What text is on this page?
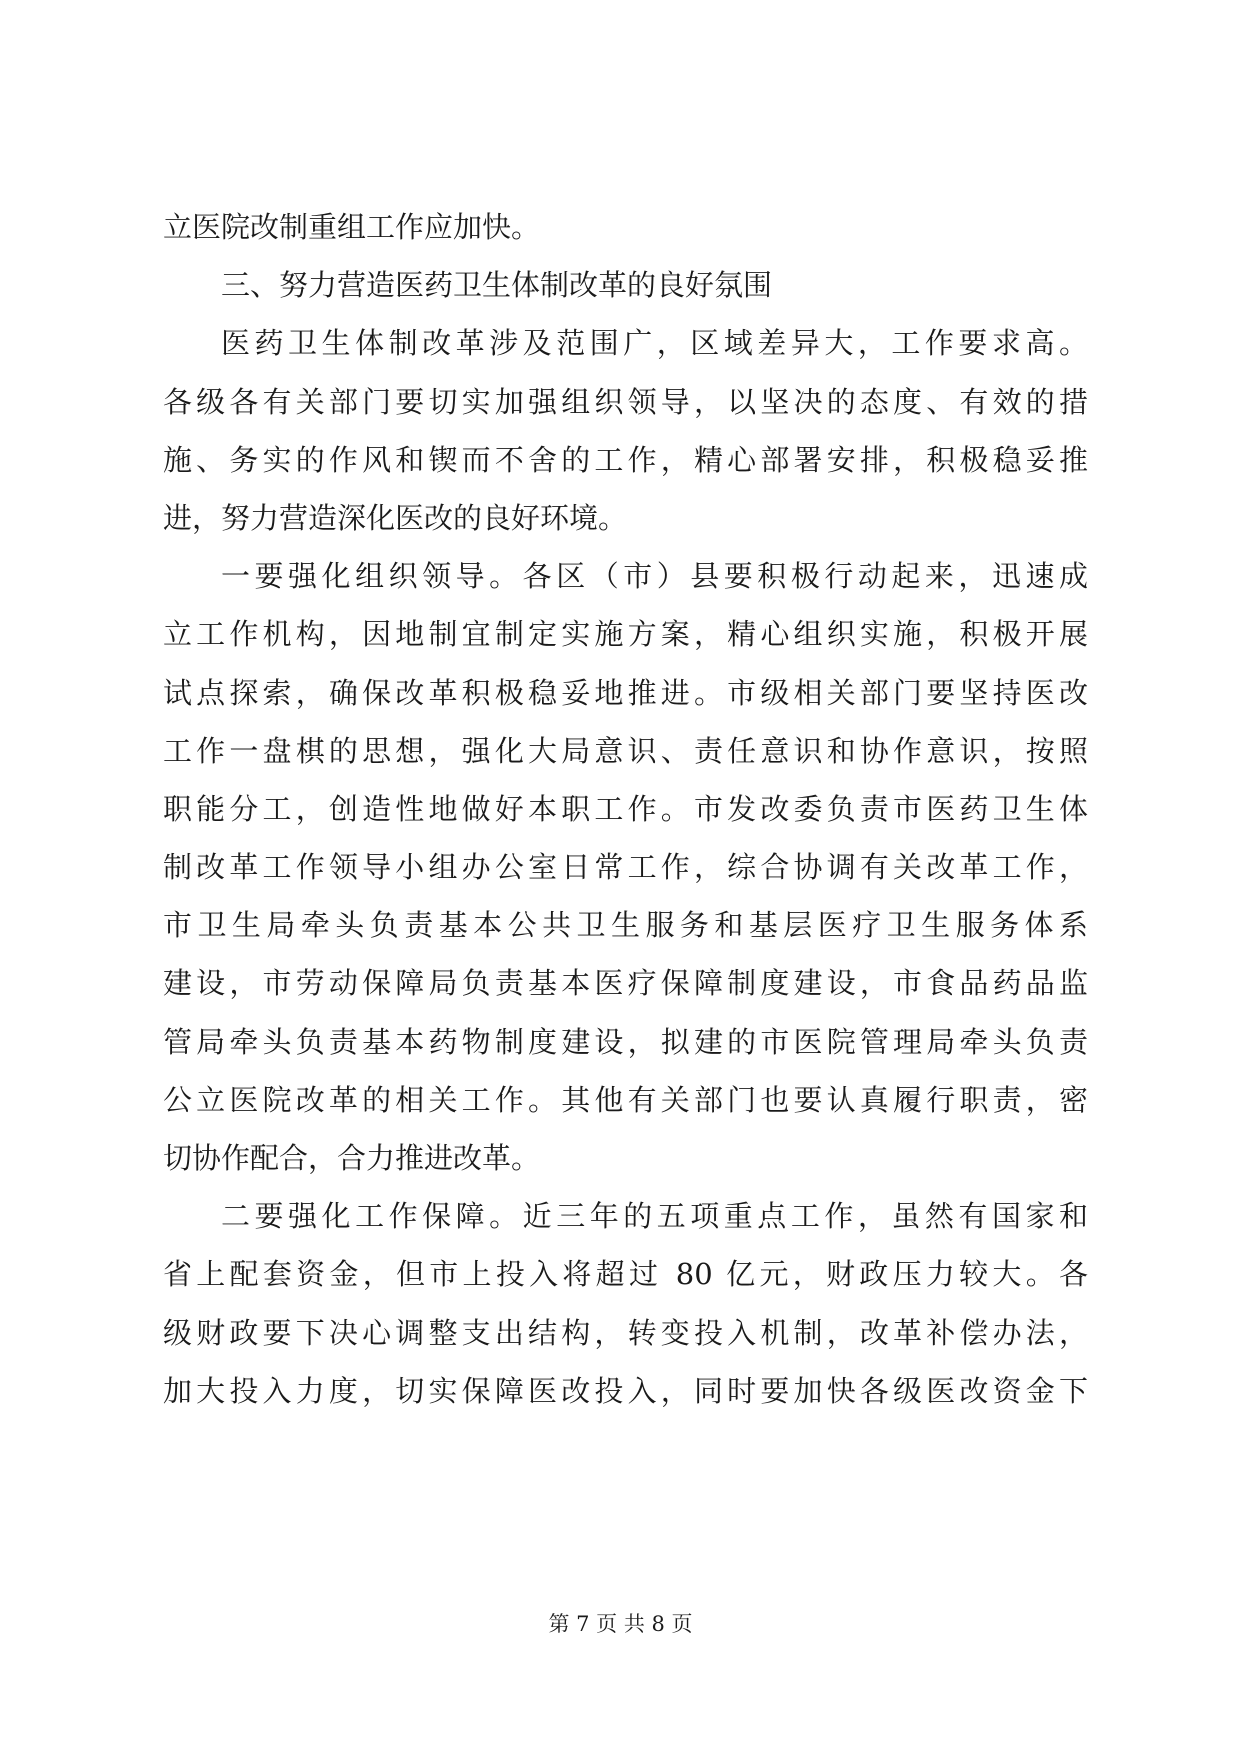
立医院改制重组工作应加快。
三、努力营造医药卫生体制改革的良好氛围
医药卫生体制改革涉及范围广，区域差异大，工作要求高。
各级各有关部门要切实加强组织领导，以坚决的态度、有效的措
施、务实的作风和锲而不舍的工作，精心部署安排，积极稳妥推
进，努力营造深化医改的良好环境。
一要强化组织领导。各区（市）县要积极行动起来，迅速成
立工作机构，因地制宜制定实施方案，精心组织实施，积极开展
试点探索，确保改革积极稳妥地推进。市级相关部门要坚持医改
工作一盘棋的思想，强化大局意识、责任意识和协作意识，按照
职能分工，创造性地做好本职工作。市发改委负责市医药卫生体
制改革工作领导小组办公室日常工作，综合协调有关改革工作，
市卫生局牵头负责基本公共卫生服务和基层医疗卫生服务体系
建设，市劳动保障局负责基本医疗保障制度建设，市食品药品监
管局牵头负责基本药物制度建设，拟建的市医院管理局牵头负责
公立医院改革的相关工作。其他有关部门也要认真履行职责，密
切协作配合，合力推进改革。
二要强化工作保障。近三年的五项重点工作，虽然有国家和
省上配套资金，但市上投入将超过 80 亿元，财政压力较大。各
级财政要下决心调整支出结构，转变投入机制，改革补偿办法，
加大投入力度，切实保障医改投入，同时要加快各级医改资金下
第 7 页 共 8 页
